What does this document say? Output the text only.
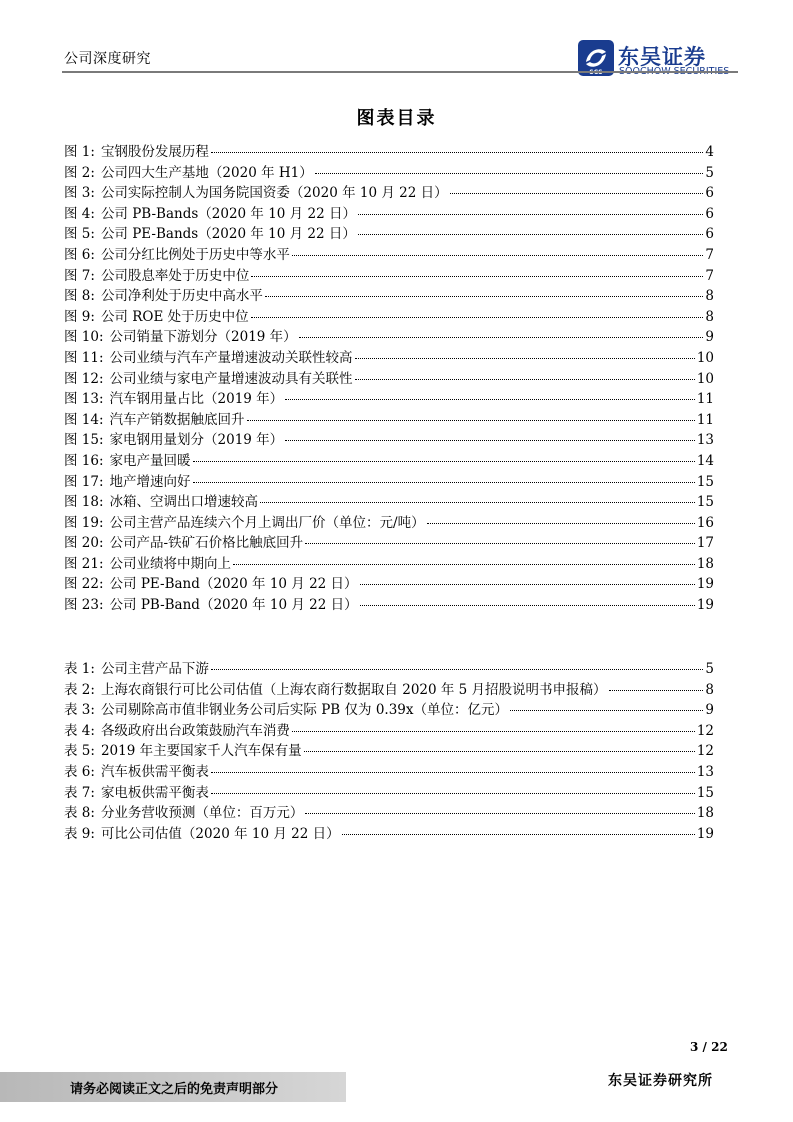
公司深度研究	东吴证券
图表目录
图 1: 宝钢股份发展历程	4
图 2: 公司四大生产基地（2020 年 H1）	5
图 3: 公司实际控制人为国务院国资委（2020 年 10 月 22 日）	6
图 4: 公司 PB-Bands（2020 年 10 月 22 日）	6
图 5: 公司 PE-Bands（2020 年 10 月 22 日）	6
图 6: 公司分红比例处于历史中等水平	7
图 7: 公司股息率处于历史中位	7
图 8: 公司净利处于历史中高水平	8
图 9: 公司 ROE 处于历史中位	8
图 10: 公司销量下游划分（2019 年）	9
图 11: 公司业绩与汽车产量增速波动关联性较高	10
图 12: 公司业绩与家电产量增速波动具有关联性	10
图 13: 汽车钢用量占比（2019 年）	11
图 14: 汽车产销数据触底回升	11
图 15: 家电钢用量划分（2019 年）	13
图 16: 家电产量回暖	14
图 17: 地产增速向好	15
图 18: 冰箱、空调出口增速较高	15
图 19: 公司主营产品连续六个月上调出厂价（单位：元/吨）	16
图 20: 公司产品-铁矿石价格比触底回升	17
图 21: 公司业绩将中期向上	18
图 22: 公司 PE-Band（2020 年 10 月 22 日）	19
图 23: 公司 PB-Band（2020 年 10 月 22 日）	19
表 1: 公司主营产品下游	5
表 2: 上海农商银行可比公司估值（上海农商行数据取自 2020 年 5 月招股说明书申报稿）	8
表 3: 公司剔除高市值非钢业务公司后实际 PB 仅为 0.39x（单位：亿元）	9
表 4: 各级政府出台政策鼓励汽车消费	12
表 5: 2019 年主要国家千人汽车保有量	12
表 6: 汽车板供需平衡表	13
表 7: 家电板供需平衡表	15
表 8: 分业务营收预测（单位：百万元）	18
表 9: 可比公司估值（2020 年 10 月 22 日）	19
3 / 22
请务必阅读正文之后的免责声明部分
东吴证券研究所
